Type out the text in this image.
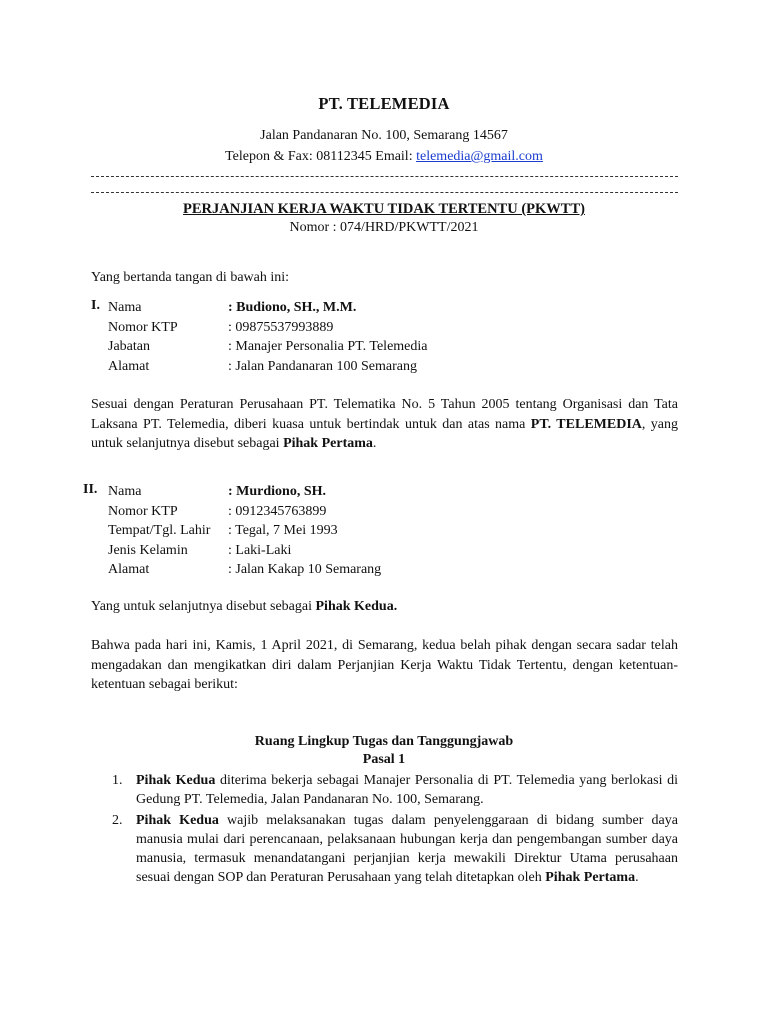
PT. TELEMEDIA
Jalan Pandanaran No. 100, Semarang 14567
Telepon & Fax: 08112345 Email: telemedia@gmail.com
PERJANJIAN KERJA WAKTU TIDAK TERTENTU (PKWTT)
Nomor : 074/HRD/PKWTT/2021
Yang bertanda tangan di bawah ini:
I. Nama	: Budiono, SH., M.M.
Nomor KTP	: 09875537993889
Jabatan	: Manajer Personalia PT. Telemedia
Alamat	: Jalan Pandanaran 100 Semarang
Sesuai dengan Peraturan Perusahaan PT. Telematika No. 5 Tahun 2005 tentang Organisasi dan Tata Laksana PT. Telemedia, diberi kuasa untuk bertindak untuk dan atas nama PT. TELEMEDIA, yang untuk selanjutnya disebut sebagai Pihak Pertama.
II. Nama	: Murdiono, SH.
Nomor KTP	: 0912345763899
Tempat/Tgl. Lahir	: Tegal, 7 Mei 1993
Jenis Kelamin	: Laki-Laki
Alamat	: Jalan Kakap 10 Semarang
Yang untuk selanjutnya disebut sebagai Pihak Kedua.
Bahwa pada hari ini, Kamis, 1 April 2021, di Semarang, kedua belah pihak dengan secara sadar telah mengadakan dan mengikatkan diri dalam Perjanjian Kerja Waktu Tidak Tertentu, dengan ketentuan-ketentuan sebagai berikut:
Ruang Lingkup Tugas dan Tanggungjawab
Pasal 1
1. Pihak Kedua diterima bekerja sebagai Manajer Personalia di PT. Telemedia yang berlokasi di Gedung PT. Telemedia, Jalan Pandanaran No. 100, Semarang.
2. Pihak Kedua wajib melaksanakan tugas dalam penyelenggaraan di bidang sumber daya manusia mulai dari perencanaan, pelaksanaan hubungan kerja dan pengembangan sumber daya manusia, termasuk menandatangani perjanjian kerja mewakili Direktur Utama perusahaan sesuai dengan SOP dan Peraturan Perusahaan yang telah ditetapkan oleh Pihak Pertama.
